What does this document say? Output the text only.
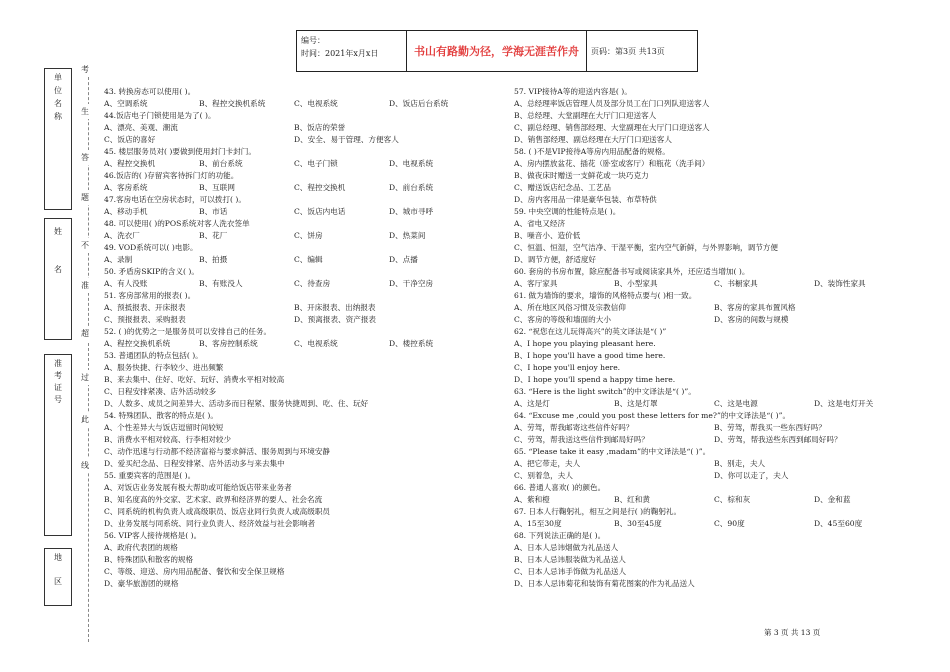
编号：
时间：2021年x月x日	书山有路勤为径，学海无涯苦作舟	页码：第3页 共13页
单
位
名
称
姓
名
准
考
证
号
地
区
考
生
答
题
不
准
超
过
此
线
43. 转换房态可以使用( )。
A、空调系统	B、程控交换机系统	C、电视系统	D、饭店后台系统
44.饭店电子门锁使用是为了( )。
A、漂亮、美观、潮流	B、饭店的荣誉
C、饭店的喜好	D、安全、易于管理、方便客人
45. 楼层服务员对( )要做到使用封门卡封门。
A、程控交换机	B、前台系统	C、电子门锁	D、电视系统
46.饭店的( )存留宾客待拆门灯的功能。
A、客房系统	B、互联网	C、程控交换机	D、前台系统
47.客房电话在空房状态时，可以拨打( )。
A、移动手机	B、市话	C、饭店内电话	D、城市寻呼
48. 可以使用( )的POS系统对客人洗衣签单
A、洗衣厂	B、花厂	C、饼房	D、热菜间
49. VOD系统可以( )电影。
A、录制	B、拍摄	C、编辑	D、点播
50. 矛盾房SKIP的含义( )。
A、有人没账	B、有账没人	C、待查房	D、干净空房
51. 客房部常用的报表( )。
A、预抵报表、开床报表	B、开床报表、出纳报表
C、预报报表、采购报表	D、预离报表、资产报表
52. ( )的优势之一是服务员可以安排自己的任务。
A、程控交换机系统	B、客房控制系统	C、电视系统	D、楼控系统
53. 普通团队的特点包括( )。
A、服务快捷、行李较少、进出频繁
B、来去集中、住好、吃好、玩好、消费水平相对较高
C、日程安排紧凑、店外活动较多
D、人数多、成员之间差异大、活动多而日程紧、服务快捷周到、吃、住、玩好
54. 特殊团队、散客的特点是( )。
A、个性差异大与饭店逗留时间较短
B、消费水平相对较高、行李相对较少
C、动作迅速与行动都不经济富裕与要求鲜活、服务周到与环境安静
D、爱买纪念品、日程安排紧、店外活动多与来去集中
55. 重要宾客的范围是( )。
A、对饭店业务发展有极大帮助或可能给饭店带来业务者
B、知名度高的外交家、艺术家、政界和经济界的要人、社会名流
C、同系统的机构负责人或高级职员、饭店业同行负责人或高级职员
D、业务发展与同系统、同行业负责人、经济效益与社会影响者
56. VIP客人接待规格是( )。
A、政府代表团的规格
B、特殊团队和散客的规格
C、等级、迎送、房内用品配备、餐饮和安全保卫规格
D、豪华旅游团的规格
57. VIP接待A等的迎送内容是( )。
A、总经理率饭店管理人员及部分员工在门口列队迎送客人
B、总经理、大堂副理在大厅门口迎送客人
C、副总经理、销售部经理、大堂副理在大厅门口迎送客人
D、销售部经理、副总经理在大厅门口迎送客人
58. ( )不是VIP接待A等房内用品配备的规格。
A、房内摆放盆花、插花（卧室或客厅）和瓶花（洗手间）
B、做夜床时赠送一支鲜花或一块巧克力
C、赠送饭店纪念品、工艺品
D、房内客用品一律是豪华包装、布草特供
59. 中央空调的性能特点是( )。
A、省电又经济
B、噪音小、造价低
C、恒温、恒湿，空气洁净、干湿平衡，室内空气新鲜，与外界影响，调节方便
D、调节方便，舒适度好
60. 套房的书房布置，除应配备书写或阅读家具外，还应适当增加( )。
A、客厅家具	B、小型家具	C、书橱家具	D、装饰性家具
61. 做为墙饰的要求，墙饰的风格特点要与( )相一致。
A、所在地区风俗习惯及宗教信仰	B、客房的家具布置风格
C、客房的等级和墙面的大小	D、客房的间数与规模
62. “祝您在这儿玩得高兴”的英文译法是“( )”
A、I hope you playing pleasant here.
B、I hope you'll have a good time here.
C、I hope you'll enjoy here.
D、I hope you'll spend a happy time here.
63. “Here is the light switch”的中文译法是“( )”。
A、这是灯	B、这是灯罩	C、这是电源	D、这是电灯开关
64. “Excuse me ,could you post these letters for me?”的中文译法是“( )”。
A、劳驾，帮我邮寄这些信件好吗？	B、劳驾，帮我买一些东西好吗？
C、劳驾，帮我送这些信件到邮局好吗？	D、劳驾，帮我送些东西到邮局好吗？
65. “Please take it easy ,madam”的中文译法是“( )”。
A、把它带走，夫人	B、别走，夫人
C、别着急，夫人	D、你可以走了，夫人
66. 普通人喜欢( )的颜色。
A、紫和橙	B、红和黄	C、棕和灰	D、金和蓝
67. 日本人行鞠躬礼，相互之间是行( )的鞠躬礼。
A、15至30度	B、30至45度	C、90度	D、45至60度
68. 下列说法正确的是( )。
A、日本人忌讳烟做为礼品送人
B、日本人忌讳服装做为礼品送人
C、日本人忌讳手饰做为礼品送人
D、日本人忌讳菊花和装饰有菊花图案的作为礼品送人
第 3 页 共 13 页
